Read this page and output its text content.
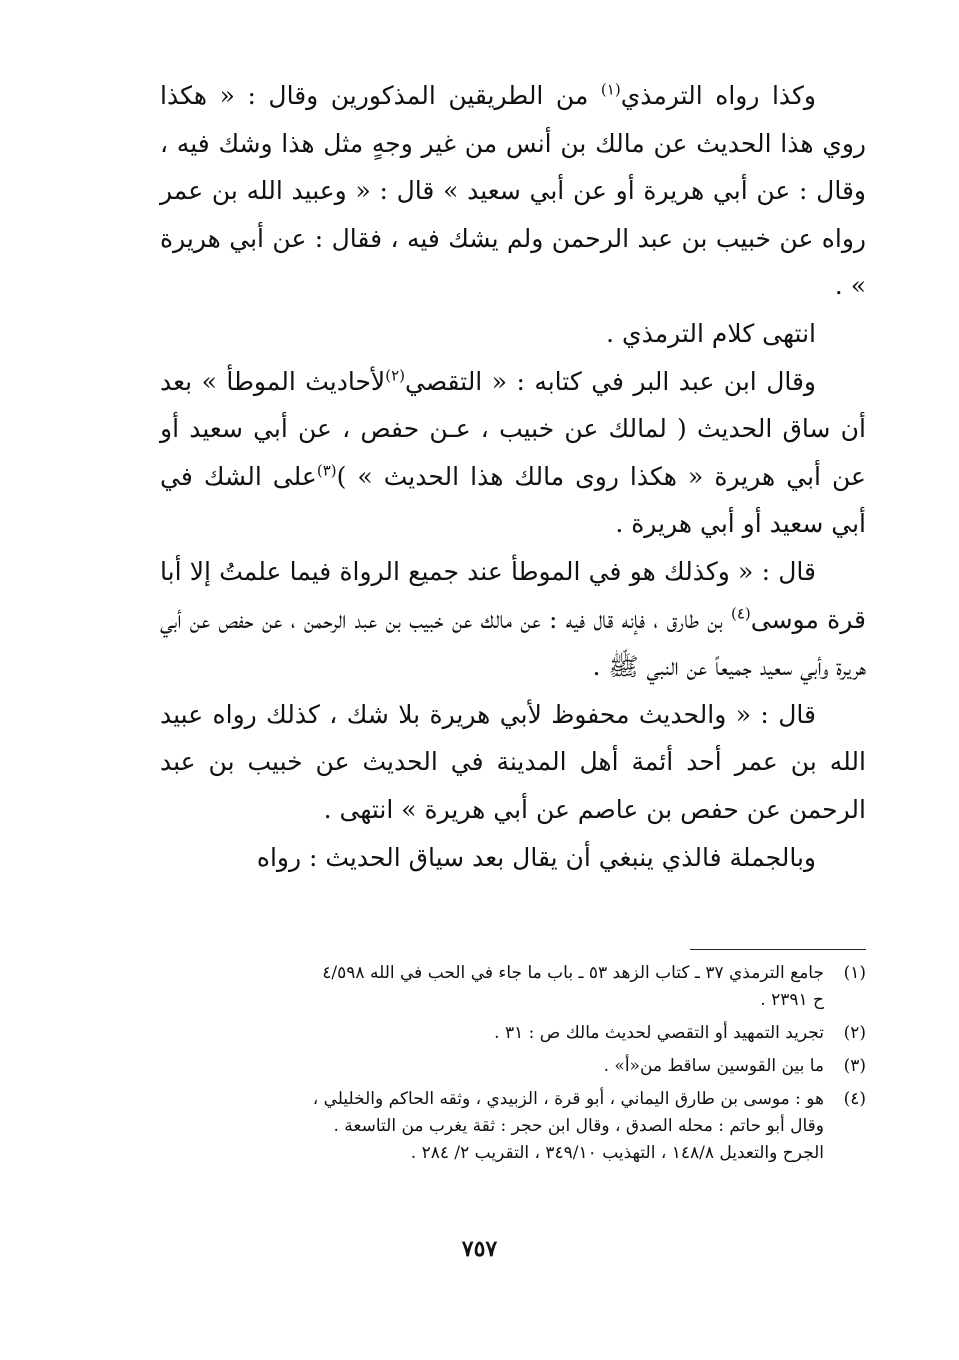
وكذا رواه الترمذي$^{(١)}$ من الطريقين المذكورين وقال : « هكذا روي هذا الحديث عن مالك بن أنس من غير وجهٍ مثل هذا وشك فيه ، وقال : عن أبي هريرة أو عن أبي سعيد » قال : « وعبيد الله بن عمر رواه عن خبيب بن عبد الرحمن ولم يشك فيه ، فقال : عن أبي هريرة » .

انتهى كلام الترمذي .

وقال ابن عبد البر في كتابه : « التقصي$^{(٢)}$لأحاديث الموطأ » بعد أن ساق الحديث ( لمالك عن خبيب ، عـن حفص ، عن أبي سعيد أو عن أبي هريرة « هكذا روى مالك هذا الحديث » )$^{(٣)}$على الشك في أبي سعيد أو أبي هريرة .

قال : « وكذلك هو في الموطأ عند جميع الرواة فيما علمتُ إلا أبا قرة موسى$^{(٤)}$ بن طارق ، فإنه قال فيه : عن مالك عن خبيب بن عبد الرحمن ، عن حفص عن أبي هريرة وأبي سعيد جميعاً عن النبي ﷺ .

قال : « والحديث محفوظ لأبي هريرة بلا شك ، كذلك رواه عبيد الله بن عمر أحد أئمة أهل المدينة في الحديث عن خبيب بن عبد الرحمن عن حفص بن عاصم عن أبي هريرة » انتهى .

وبالجملة فالذي ينبغي أن يقال بعد سياق الحديث : رواه

(١)
جامع الترمذي ٣٧ ـ كتاب الزهد ٥٣ ـ باب ما جاء في الحب في الله ٤/٥٩٨
ح ٢٣٩١ .
(٢)
تجريد التمهيد أو التقصي لحديث مالك ص : ٣١ .
(٣)
ما بين القوسين ساقط من«أ» .
(٤)
هو : موسى بن طارق اليماني ، أبو قرة ، الزبيدي ، وثقه الحاكم والخليلي ،
وقال أبو حاتم : محله الصدق ، وقال ابن حجر : ثقة يغرب من التاسعة .
الجرح والتعديل ١٤٨/٨ ، التهذيب ٣٤٩/١٠ ، التقريب ٢/ ٢٨٤ .
٧٥٧
